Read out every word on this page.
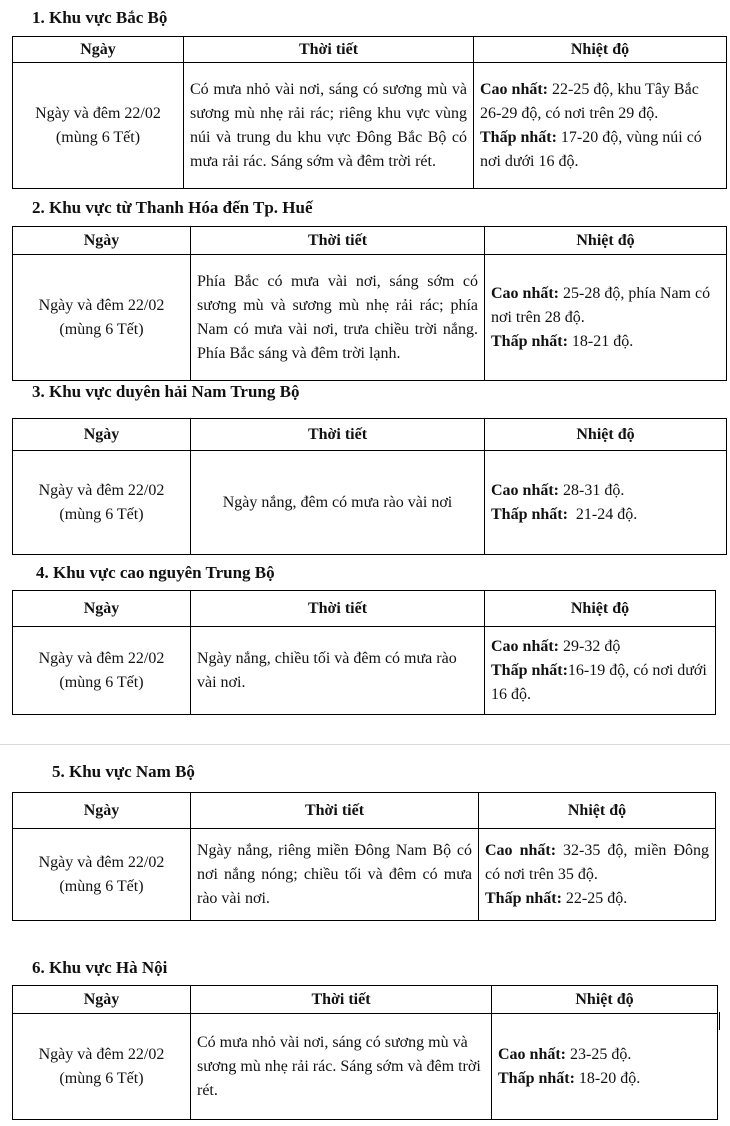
1. Khu vực Bắc Bộ
Ngày	Thời tiết	Nhiệt độ
Ngày và đêm 22/02
(mùng 6 Tết)	Có mưa nhỏ vài nơi, sáng có sương mù và sương mù nhẹ rải rác; riêng khu vực vùng núi và trung du khu vực Đông Bắc Bộ có mưa rải rác. Sáng sớm và đêm trời rét.	Cao nhất: 22-25 độ, khu Tây Bắc 26-29 độ, có nơi trên 29 độ.
Thấp nhất: 17-20 độ, vùng núi có nơi dưới 16 độ.
2. Khu vực từ Thanh Hóa đến Tp. Huế
Ngày	Thời tiết	Nhiệt độ
Ngày và đêm 22/02
(mùng 6 Tết)	Phía Bắc có mưa vài nơi, sáng sớm có sương mù và sương mù nhẹ rải rác; phía Nam có mưa vài nơi, trưa chiều trời nắng. Phía Bắc sáng và đêm trời lạnh.	Cao nhất: 25-28 độ, phía Nam có nơi trên 28 độ.
Thấp nhất: 18-21 độ.
3. Khu vực duyên hải Nam Trung Bộ
Ngày	Thời tiết	Nhiệt độ
Ngày và đêm 22/02
(mùng 6 Tết)	Ngày nắng, đêm có mưa rào vài nơi	Cao nhất: 28-31 độ.
Thấp nhất:  21-24 độ.
4. Khu vực cao nguyên Trung Bộ
Ngày	Thời tiết	Nhiệt độ
Ngày và đêm 22/02
(mùng 6 Tết)	Ngày nắng, chiều tối và đêm có mưa rào vài nơi.	Cao nhất: 29-32 độ
Thấp nhất:16-19 độ, có nơi dưới 16 độ.
5. Khu vực Nam Bộ
Ngày	Thời tiết	Nhiệt độ
Ngày và đêm 22/02
(mùng 6 Tết)	Ngày nắng, riêng miền Đông Nam Bộ có nơi nắng nóng; chiều tối và đêm có mưa rào vài nơi.	Cao nhất: 32-35 độ, miền Đông có nơi trên 35 độ.
Thấp nhất: 22-25 độ.
6. Khu vực Hà Nội
Ngày	Thời tiết	Nhiệt độ
Ngày và đêm 22/02
(mùng 6 Tết)	Có mưa nhỏ vài nơi, sáng có sương mù và sương mù nhẹ rải rác. Sáng sớm và đêm trời rét.	Cao nhất: 23-25 độ.
Thấp nhất: 18-20 độ.
